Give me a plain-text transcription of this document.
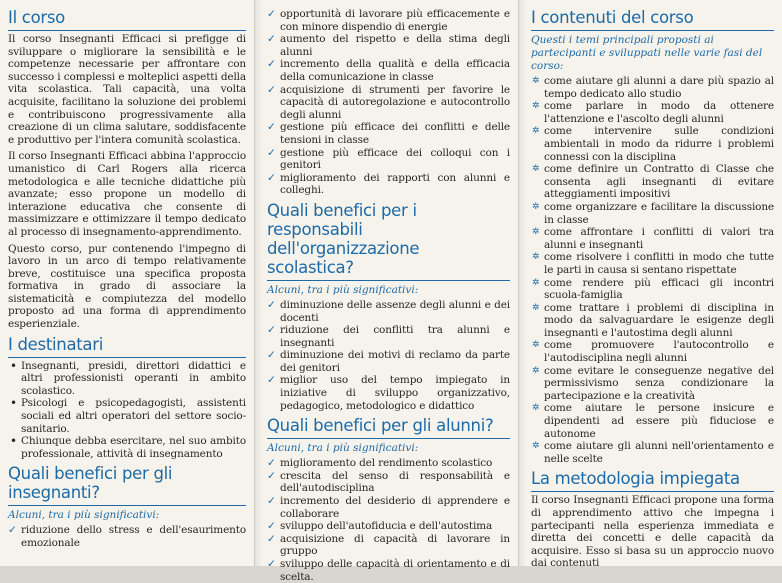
Il corso

Il corso Insegnanti Efficaci si prefigge di sviluppare o migliorare la sensibilità e le competenze necessarie per affrontare con successo i complessi e molteplici aspetti della vita scolastica. Tali capacità, una volta acquisite, facilitano la soluzione dei problemi e contribuiscono progressivamente alla creazione di un clima salutare, soddisfacente e produttivo per l'intera comunità scolastica.

Il corso Insegnanti Efficaci abbina l'approccio umanistico di Carl Rogers alla ricerca metodologica e alle tecniche didattiche più avanzate; esso propone un modello di interazione educativa che consente di massimizzare e ottimizzare il tempo dedicato al processo di insegnamento-apprendimento.

Questo corso, pur contenendo l'impegno di lavoro in un arco di tempo relativamente breve, costituisce una specifica proposta formativa in grado di associare la sistematicità e compiutezza del modello proposto ad una forma di apprendimento esperienziale.

I destinatari
• Insegnanti, presidi, direttori didattici e altri professionisti operanti in ambito scolastico.
• Psicologi e psicopedagogisti, assistenti sociali ed altri operatori del settore socio-sanitario.
• Chiunque debba esercitare, nel suo ambito professionale, attività di insegnamento
Quali benefici per gli insegnanti?
Alcuni, tra i più significativi:
✓ riduzione dello stress e dell'esaurimento emozionale
✓ opportunità di lavorare più efficacemente e con minore dispendio di energie
✓ aumento del rispetto e della stima degli alunni
✓ incremento della qualità e della efficacia della comunicazione in classe
✓ acquisizione di strumenti per favorire le capacità di autoregolazione e autocontrollo degli alunni
✓ gestione più efficace dei conflitti e delle tensioni in classe
✓ gestione più efficace dei colloqui con i genitori
✓ miglioramento dei rapporti con alunni e colleghi.
Quali benefici per i responsabili dell'organizzazione scolastica?
Alcuni, tra i più significativi:
✓ diminuzione delle assenze degli alunni e dei docenti
✓ riduzione dei conflitti tra alunni e insegnanti
✓ diminuzione dei motivi di reclamo da parte dei genitori
✓ miglior uso del tempo impiegato in iniziative di sviluppo organizzativo, pedagogico, metodologico e didattico
Quali benefici per gli alunni?
Alcuni, tra i più significativi:
✓ miglioramento del rendimento scolastico
✓ crescita del senso di responsabilità e dell'autodisciplina
✓ incremento del desiderio di apprendere e collaborare
✓ sviluppo dell'autofiducia e dell'autostima
✓ acquisizione di capacità di lavorare in gruppo
✓ sviluppo delle capacità di orientamento e di scelta.
I contenuti del corso
Questi i temi principali proposti ai partecipanti e sviluppati nelle varie fasi del corso:
✲ come aiutare gli alunni a dare più spazio al tempo dedicato allo studio
✲ come parlare in modo da ottenere l'attenzione e l'ascolto degli alunni
✲ come intervenire sulle condizioni ambientali in modo da ridurre i problemi connessi con la disciplina
✲ come definire un Contratto di Classe che consenta agli insegnanti di evitare atteggiamenti impositivi
✲ come organizzare e facilitare la discussione in classe
✲ come affrontare i conflitti di valori tra alunni e insegnanti
✲ come risolvere i conflitti in modo che tutte le parti in causa si sentano rispettate
✲ come rendere più efficaci gli incontri scuola-famiglia
✲ come trattare i problemi di disciplina in modo da salvaguardare le esigenze degli insegnanti e l'autostima degli alunni
✲ come promuovere l'autocontrollo e l'autodisciplina negli alunni
✲ come evitare le conseguenze negative del permissivismo senza condizionare la partecipazione e la creatività
✲ come aiutare le persone insicure e dipendenti ad essere più fiduciose e autonome
✲ come aiutare gli alunni nell'orientamento e nelle scelte
La metodologia impiegata

Il corso Insegnanti Efficaci propone una forma di apprendimento attivo che impegna i partecipanti nella esperienza immediata e diretta dei concetti e delle capacità da acquisire. Esso si basa su un approccio nuovo dai contenuti
